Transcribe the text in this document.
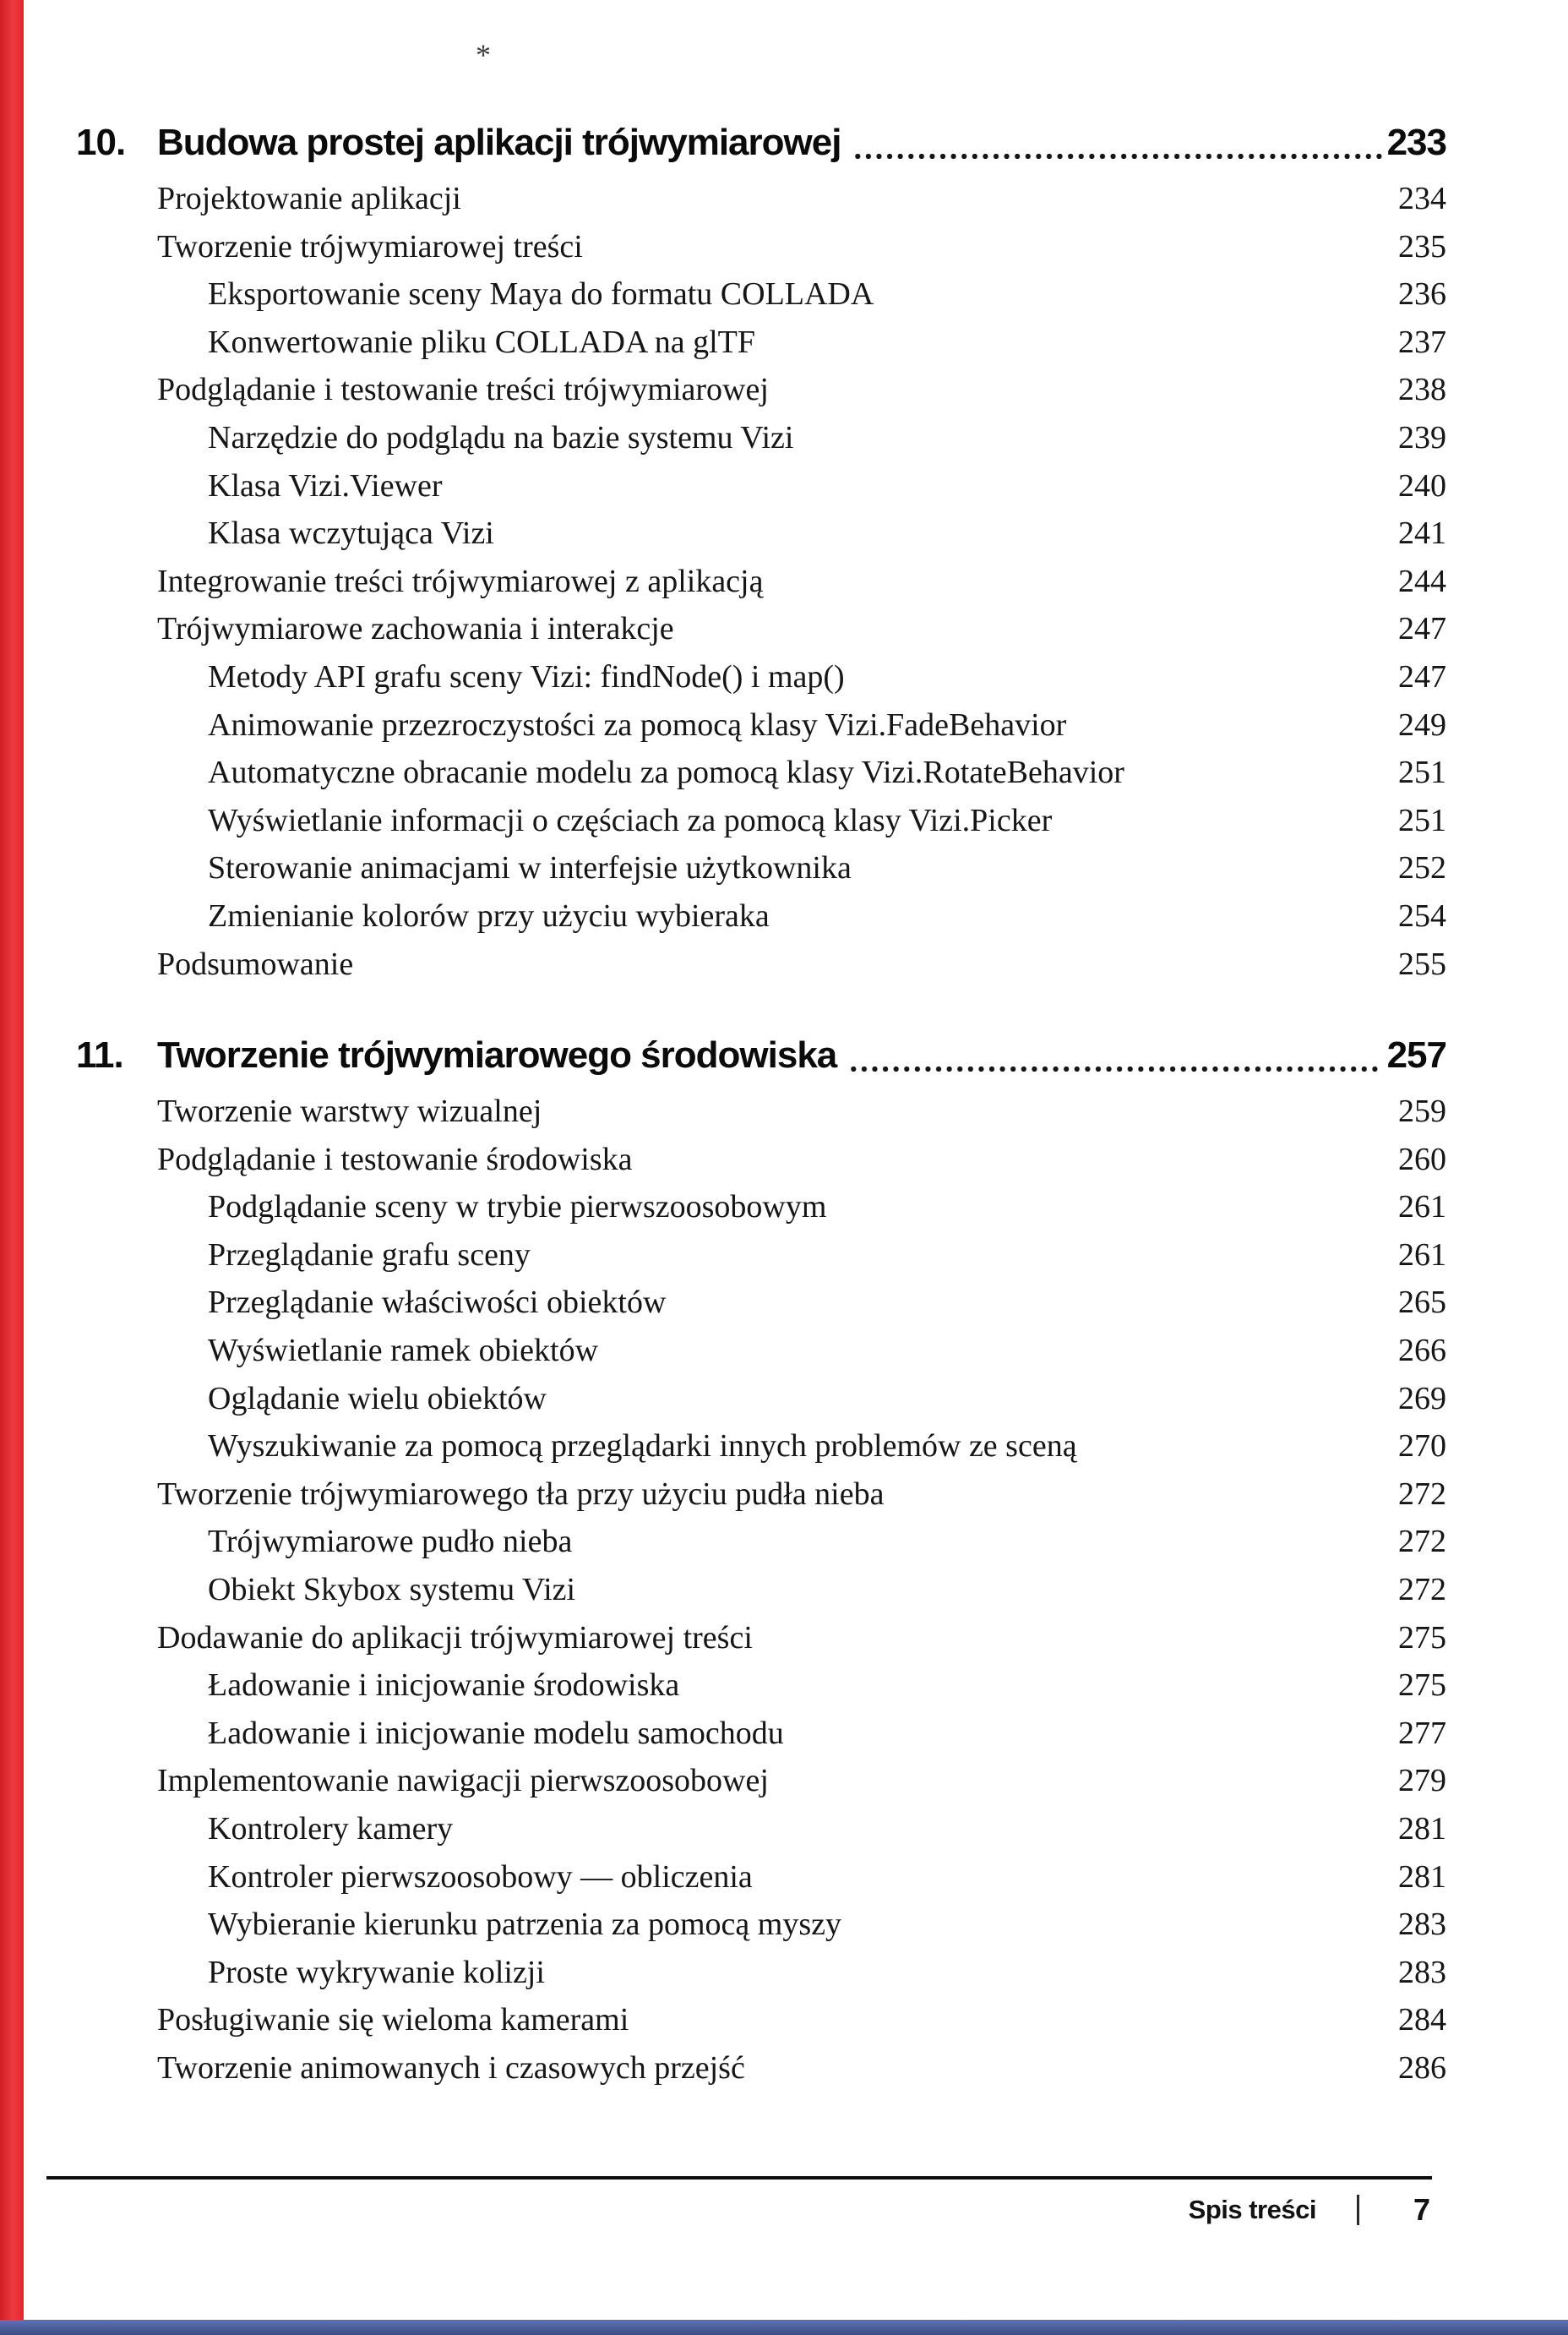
*
10. Budowa prostej aplikacji trójwymiarowej	233
Projektowanie aplikacji	234
Tworzenie trójwymiarowej treści	235
Eksportowanie sceny Maya do formatu COLLADA	236
Konwertowanie pliku COLLADA na glTF	237
Podglądanie i testowanie treści trójwymiarowej	238
Narzędzie do podglądu na bazie systemu Vizi	239
Klasa Vizi.Viewer	240
Klasa wczytująca Vizi	241
Integrowanie treści trójwymiarowej z aplikacją	244
Trójwymiarowe zachowania i interakcje	247
Metody API grafu sceny Vizi: findNode() i map()	247
Animowanie przezroczystości za pomocą klasy Vizi.FadeBehavior	249
Automatyczne obracanie modelu za pomocą klasy Vizi.RotateBehavior	251
Wyświetlanie informacji o częściach za pomocą klasy Vizi.Picker	251
Sterowanie animacjami w interfejsie użytkownika	252
Zmienianie kolorów przy użyciu wybieraka	254
Podsumowanie	255
11. Tworzenie trójwymiarowego środowiska	257
Tworzenie warstwy wizualnej	259
Podglądanie i testowanie środowiska	260
Podglądanie sceny w trybie pierwszoosobowym	261
Przeglądanie grafu sceny	261
Przeglądanie właściwości obiektów	265
Wyświetlanie ramek obiektów	266
Oglądanie wielu obiektów	269
Wyszukiwanie za pomocą przeglądarki innych problemów ze sceną	270
Tworzenie trójwymiarowego tła przy użyciu pudła nieba	272
Trójwymiarowe pudło nieba	272
Obiekt Skybox systemu Vizi	272
Dodawanie do aplikacji trójwymiarowej treści	275
Ładowanie i inicjowanie środowiska	275
Ładowanie i inicjowanie modelu samochodu	277
Implementowanie nawigacji pierwszoosobowej	279
Kontrolery kamery	281
Kontroler pierwszoosobowy — obliczenia	281
Wybieranie kierunku patrzenia za pomocą myszy	283
Proste wykrywanie kolizji	283
Posługiwanie się wieloma kamerami	284
Tworzenie animowanych i czasowych przejść	286
Spis treści	7
